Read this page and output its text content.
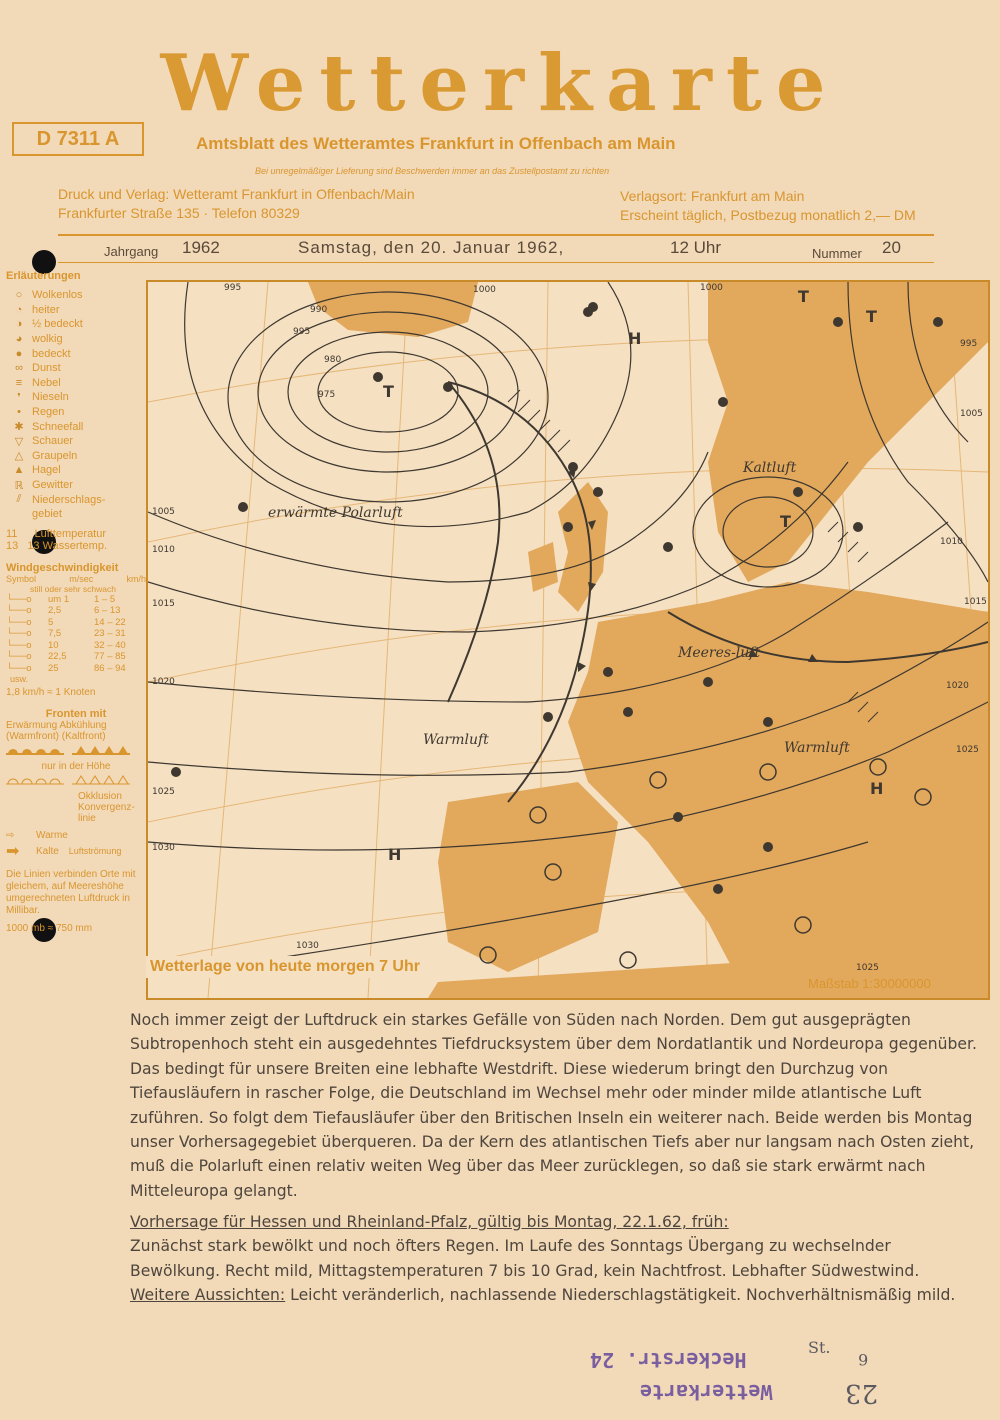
Wetterkarte
D 7311 A	Amtsblatt des Wetteramtes Frankfurt in Offenbach am Main
Bei unregelmäßiger Lieferung sind Beschwerden immer an das Zustellpostamt zu richten
Druck und Verlag: Wetteramt Frankfurt in Offenbach/Main
Frankfurter Straße 135 · Telefon 80329
Verlagsort: Frankfurt am Main
Erscheint täglich, Postbezug monatlich 2,— DM
Jahrgang 1962	Samstag, den 20. Januar 1962,	12 Uhr	Nummer 20
Erläuterungen
○ Wolkenlos
◔ heiter
◑ ½ bedeckt
◕ wolkig
● bedeckt
∞ Dunst
≡ Nebel
❜	Nieseln
•	Regen
✱ Schneefall
▽ Schauer
△ Graupeln
▲ Hagel
ℝ Gewitter
⫽ Niederschlags-
gebiet
11 Lufttemperatur
13 13 Wassertemp.
Windgeschwindigkeit
Symbol	m/sec	km/h
still oder sehr schwach
└──o	um 1	1 – 5
└──o	2,5	6 – 13
└──o	5	14 – 22
└──o	7,5	23 – 31
└──o	10	32 – 40
└──o	22,5	77 – 85
└──o	25	86 – 94
usw.
1,8 km/h ≈ 1 Knoten
Fronten mit
Erwärmung Abkühlung
(Warmfront) (Kaltfront)
nur in der Höhe
Okklusion
Konvergenz-linie
⇨	Warme
➡	Kalte Luftströmung
Die Linien verbinden Orte mit gleichem, auf Meereshöhe umgerechneten Luftdruck in Millibar.
1000 mb ≈ 750 mm
T
H
T
H
H
T
T
995
990
995
980
975
1000
1005
1010
1015
1020
1025
1030
1030
1025
1005
1010
1015
1020
1025
1000
995
erwärmte Polarluft
Kaltluft
Meeres-luft
Warmluft	Warmluft
Wetterlage von heute morgen 7 Uhr
Maßstab 1:30000000

Noch immer zeigt der Luftdruck ein starkes Gefälle von Süden nach Norden. Dem gut ausgeprägten Subtropenhoch steht ein ausgedehntes Tiefdrucksystem über dem Nordatlantik und Nordeuropa gegenüber. Das bedingt für unsere Breiten eine lebhafte Westdrift. Diese wiederum bringt den Durchzug von Tiefausläufern in rascher Folge, die Deutschland im Wechsel mehr oder minder milde atlantische Luft zuführen. So folgt dem Tiefausläufer über den Britischen Inseln ein weiterer nach. Beide werden bis Montag unser Vorhersagegebiet überqueren. Da der Kern des atlantischen Tiefs aber nur langsam nach Osten zieht, muß die Polarluft einen relativ weiten Weg über das Meer zurücklegen, so daß sie stark erwärmt nach Mitteleuropa gelangt.

Vorhersage für Hessen und Rheinland-Pfalz, gültig bis Montag, 22.1.62, früh:

Zunächst stark bewölkt und noch öfters Regen. Im Laufe des Sonntags Übergang zu wechselnder Bewölkung. Recht mild, Mittagstemperaturen 7 bis 10 Grad, kein Nachtfrost. Lebhafter Südwestwind.

Weitere Aussichten: Leicht veränderlich, nachlassende Niederschlagstätigkeit. Nochverhältnismäßig mild.

Wetterkarte
Heckerstr. 24
St.
6
23
